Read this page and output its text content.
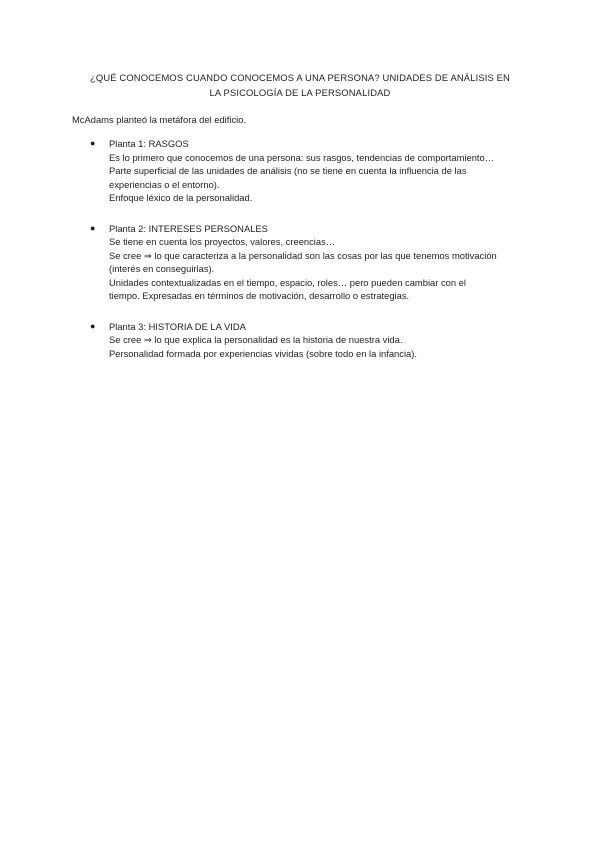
¿QUÉ CONOCEMOS CUANDO CONOCEMOS A UNA PERSONA? UNIDADES DE ANÁLISIS EN
LA PSICOLOGÍA DE LA PERSONALIDAD
McAdams planteó la metáfora del edificio.
● Planta 1: RASGOS
Es lo primero que conocemos de una persona: sus rasgos, tendencias de comportamiento…
Parte superficial de las unidades de análisis (no se tiene en cuenta la influencia de las
experiencias o el entorno).
Enfoque léxico de la personalidad.
● Planta 2: INTERESES PERSONALES
Se tiene en cuenta los proyectos, valores, creencias…
Se cree ⇒ lo que caracteriza a la personalidad son las cosas por las que tenemos motivación
(interés en conseguirlas).
Unidades contextualizadas en el tiempo, espacio, roles… pero pueden cambiar con el
tiempo. Expresadas en términos de motivación, desarrollo o estrategias.
● Planta 3: HISTORIA DE LA VIDA
Se cree ⇒ lo que explica la personalidad es la historia de nuestra vida.
Personalidad formada por experiencias vividas (sobre todo en la infancia).
